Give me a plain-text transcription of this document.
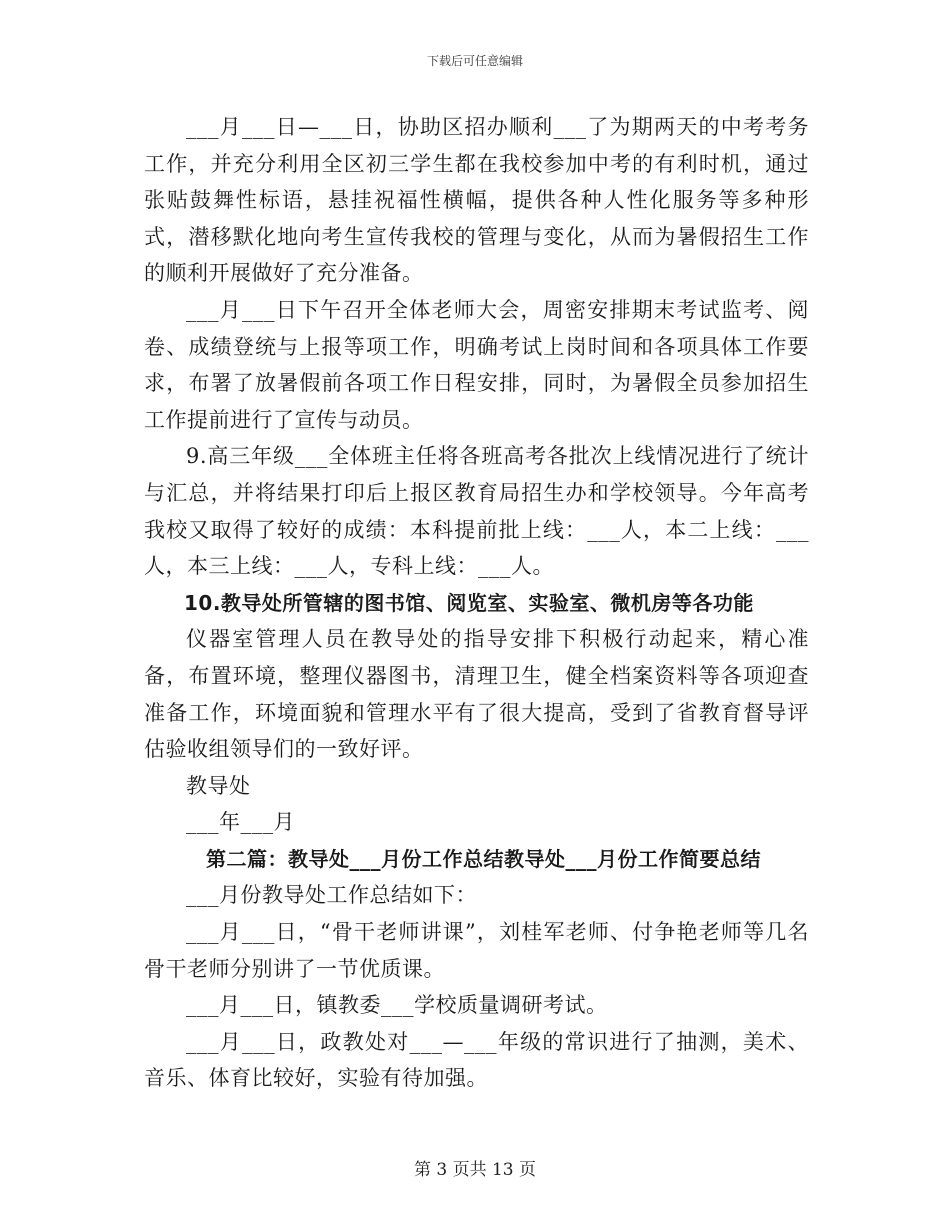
下载后可任意编辑

___月___日—___日，协助区招办顺利___了为期两天的中考考务工作，并充分利用全区初三学生都在我校参加中考的有利时机，通过张贴鼓舞性标语，悬挂祝福性横幅，提供各种人性化服务等多种形式，潜移默化地向考生宣传我校的管理与变化，从而为暑假招生工作的顺利开展做好了充分准备。

___月___日下午召开全体老师大会，周密安排期末考试监考、阅卷、成绩登统与上报等项工作，明确考试上岗时间和各项具体工作要求，布署了放暑假前各项工作日程安排，同时，为暑假全员参加招生工作提前进行了宣传与动员。

9.高三年级___全体班主任将各班高考各批次上线情况进行了统计与汇总，并将结果打印后上报区教育局招生办和学校领导。今年高考我校又取得了较好的成绩：本科提前批上线：___人，本二上线：___人，本三上线：___人，专科上线：___人。

10.教导处所管辖的图书馆、阅览室、实验室、微机房等各功能

仪器室管理人员在教导处的指导安排下积极行动起来，精心准备，布置环境，整理仪器图书，清理卫生，健全档案资料等各项迎查准备工作，环境面貌和管理水平有了很大提高，受到了省教育督导评估验收组领导们的一致好评。

教导处

___年___月

第二篇：教导处___月份工作总结教导处___月份工作简要总结

___月份教导处工作总结如下：

___月___日，“骨干老师讲课”，刘桂军老师、付争艳老师等几名骨干老师分别讲了一节优质课。

___月___日，镇教委___学校质量调研考试。

___月___日，政教处对___—___年级的常识进行了抽测，美术、音乐、体育比较好，实验有待加强。

第 3 页共 13 页
